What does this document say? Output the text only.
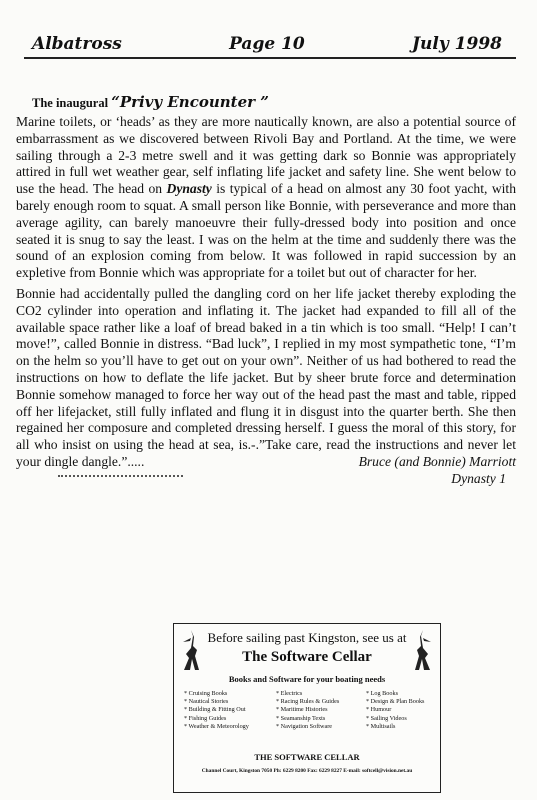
Albatross	Page 10	July 1998

The inaugural “Privy Encounter ”

Marine toilets, or ‘heads’ as they are more nautically known, are also a potential source of embarrassment as we discovered between Rivoli Bay and Portland. At the time, we were sailing through a 2-3 metre swell and it was getting dark so Bonnie was appropriately attired in full wet weather gear, self inflating life jacket and safety line. She went below to use the head. The head on Dynasty is typical of a head on almost any 30 foot yacht, with barely enough room to squat. A small person like Bonnie, with perseverance and more than average agility, can barely manoeuvre their fully-dressed body into position and once seated it is snug to say the least. I was on the helm at the time and suddenly there was the sound of an explosion coming from below. It was followed in rapid succession by an expletive from Bonnie which was appropriate for a toilet but out of character for her.

Bonnie had accidentally pulled the dangling cord on her life jacket thereby exploding the CO2 cylinder into operation and inflating it. The jacket had expanded to fill all of the available space rather like a loaf of bread baked in a tin which is too small. “Help! I can’t move!”, called Bonnie in distress. “Bad luck”, I replied in my most sympathetic tone, “I’m on the helm so you’ll have to get out on your own”. Neither of us had bothered to read the instructions on how to deflate the life jacket. But by sheer brute force and determination Bonnie somehow managed to force her way out of the head past the mast and table, ripped off her lifejacket, still fully inflated and flung it in disgust into the quarter berth. She then regained her composure and completed dressing herself. I guess the moral of this story, for all who insist on using the head at sea, is.-.”Take care, read the instructions and never let your dingle dangle.”.....	Bruce (and Bonnie) Marriott
Dynasty 1
Before sailing past Kingston, see us at
The Software Cellar
Books and Software for your boating needs
* Cruising Books
* Nautical Stories
* Building & Fitting Out
* Fishing Guides
* Weather & Meteorology
* Electrics
* Racing Rules & Guides
* Maritime Histories
* Seamanship Texts
* Navigation Software
* Log Books
* Design & Plan Books
* Humour
* Sailing Videos
* Multisails
THE SOFTWARE CELLAR
Channel Court, Kingston 7050 Ph: 6229 8200 Fax: 6229 8227 E-mail: softcell@vision.net.au
